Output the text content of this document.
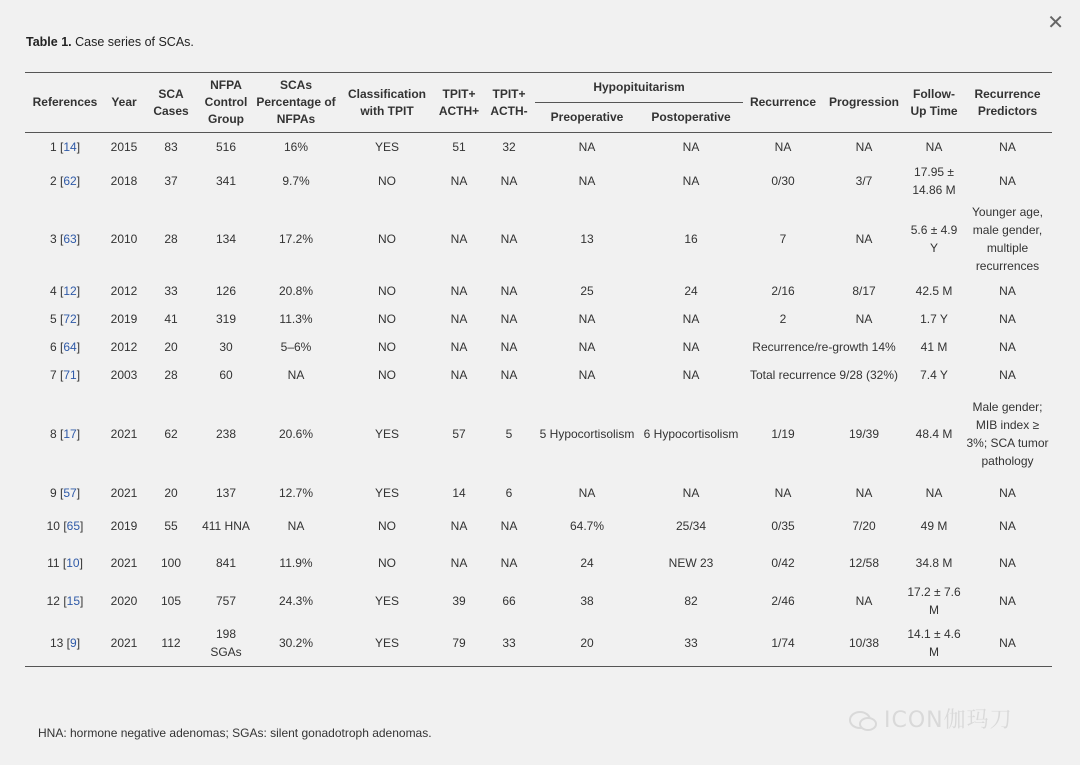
✕
Table 1. Case series of SCAs.
References	Year	SCA Cases	NFPA Control Group	SCAs Percentage of NFPAs	Classification with TPIT	TPIT+ ACTH+	TPIT+ ACTH-	Hypopituitarism		Recurrence	Progression	Follow-Up Time	Recurrence Predictors
								Preoperative	Postoperative				
1 [14]	2015	83	516	16%	YES	51	32	NA	NA	NA	NA	NA	NA
2 [62]	2018	37	341	9.7%	NO	NA	NA	NA	NA	0/30	3/7	17.95 ± 14.86 M	NA
3 [63]	2010	28	134	17.2%	NO	NA	NA	13	16	7	NA	5.6 ± 4.9 Y	Younger age, male gender, multiple recurrences
4 [12]	2012	33	126	20.8%	NO	NA	NA	25	24	2/16	8/17	42.5 M	NA
5 [72]	2019	41	319	11.3%	NO	NA	NA	NA	NA	2	NA	1.7 Y	NA
6 [64]	2012	20	30	5–6%	NO	NA	NA	NA	NA	Recurrence/re-growth 14%		41 M	NA
7 [71]	2003	28	60	NA	NO	NA	NA	NA	NA	Total recurrence 9/28 (32%)		7.4 Y	NA
8 [17]	2021	62	238	20.6%	YES	57	5	5 Hypocortisolism	6 Hypocortisolism	1/19	19/39	48.4 M	Male gender; MIB index ≥ 3%; SCA tumor pathology
9 [57]	2021	20	137	12.7%	YES	14	6	NA	NA	NA	NA	NA	NA
10 [65]	2019	55	411 HNA	NA	NO	NA	NA	64.7%	25/34	0/35	7/20	49 M	NA
11 [10]	2021	100	841	11.9%	NO	NA	NA	24	NEW 23	0/42	12/58	34.8 M	NA
12 [15]	2020	105	757	24.3%	YES	39	66	38	82	2/46	NA	17.2 ± 7.6 M	NA
13 [9]	2021	112	198 SGAs	30.2%	YES	79	33	20	33	1/74	10/38	14.1 ± 4.6 M	NA
HNA: hormone negative adenomas; SGAs: silent gonadotroph adenomas.	ICON伽玛刀
